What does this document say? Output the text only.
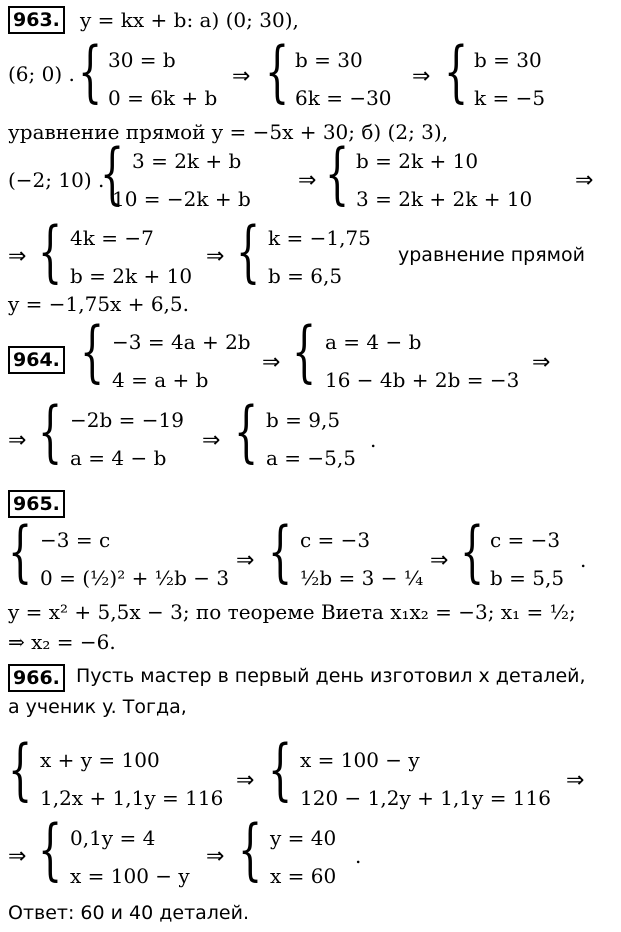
963. y = kx + b: а) (0; 30),
(6; 0) . { 30 = b
0 = 6k + b
⇒ { b = 30
6k = −30
⇒ { b = 30
k = −5
уравнение прямой y = −5x + 30; б) (2; 3),
(−2; 10) .
{ 3 = 2k + b
10 = −2k + b
⇒ { b = 2k + 10
3 = 2k + 2k + 10
⇒
⇒ { 4k = −7
b = 2k + 10
⇒ { k = −1,75
b = 6,5
уравнение прямой
y = −1,75x + 6,5.
964. { −3 = 4a + 2b
4 = a + b
⇒ { a = 4 − b
16 − 4b + 2b = −3
⇒
⇒ { −2b = −19
a = 4 − b
⇒ { b = 9,5
a = −5,5
.
965.
{ −3 = c
0 = (½)² + ½b − 3
⇒ { c = −3
½b = 3 − ¼
⇒ { c = −3
b = 5,5
.
y = x² + 5,5x − 3; по теореме Виета x₁x₂ = −3; x₁ = ½;
⇒ x₂ = −6.
966. Пусть мастер в первый день изготовил x деталей,
а ученик y. Тогда,
{ x + y = 100
1,2x + 1,1y = 116
⇒ { x = 100 − y
120 − 1,2y + 1,1y = 116
⇒
⇒ { 0,1y = 4
x = 100 − y
⇒ { y = 40
x = 60
.
Ответ: 60 и 40 деталей.
